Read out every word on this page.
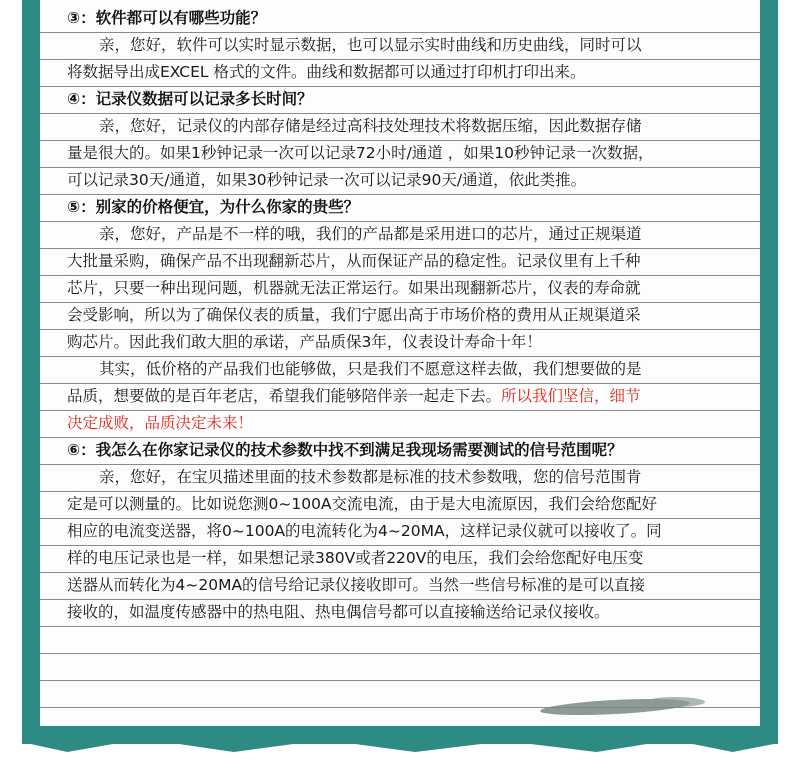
③：软件都可以有哪些功能？
亲，您好，软件可以实时显示数据，也可以显示实时曲线和历史曲线，同时可以
将数据导出成EXCEL 格式的文件。曲线和数据都可以通过打印机打印出来。
④：记录仪数据可以记录多长时间？
亲，您好，记录仪的内部存储是经过高科技处理技术将数据压缩，因此数据存储
量是很大的。如果1秒钟记录一次可以记录72小时/通道 ，如果10秒钟记录一次数据，
可以记录30天/通道，如果30秒钟记录一次可以记录90天/通道，依此类推。
⑤：别家的价格便宜，为什么你家的贵些？
亲，您好，产品是不一样的哦，我们的产品都是采用进口的芯片，通过正规渠道
大批量采购，确保产品不出现翻新芯片，从而保证产品的稳定性。记录仪里有上千种
芯片，只要一种出现问题，机器就无法正常运行。如果出现翻新芯片，仪表的寿命就
会受影响，所以为了确保仪表的质量，我们宁愿出高于市场价格的费用从正规渠道采
购芯片。因此我们敢大胆的承诺，产品质保3年，仪表设计寿命十年！
其实，低价格的产品我们也能够做，只是我们不愿意这样去做，我们想要做的是
品质，想要做的是百年老店，希望我们能够陪伴亲一起走下去。所以我们坚信，细节
决定成败，品质决定未来！
⑥：我怎么在你家记录仪的技术参数中找不到满足我现场需要测试的信号范围呢？
亲，您好，在宝贝描述里面的技术参数都是标准的技术参数哦，您的信号范围肯
定是可以测量的。比如说您测0~100A交流电流，由于是大电流原因，我们会给您配好
相应的电流变送器，将0~100A的电流转化为4~20MA，这样记录仪就可以接收了。同
样的电压记录也是一样，如果想记录380V或者220V的电压，我们会给您配好电压变
送器从而转化为4~20MA的信号给记录仪接收即可。当然一些信号标准的是可以直接
接收的，如温度传感器中的热电阻、热电偶信号都可以直接输送给记录仪接收。
